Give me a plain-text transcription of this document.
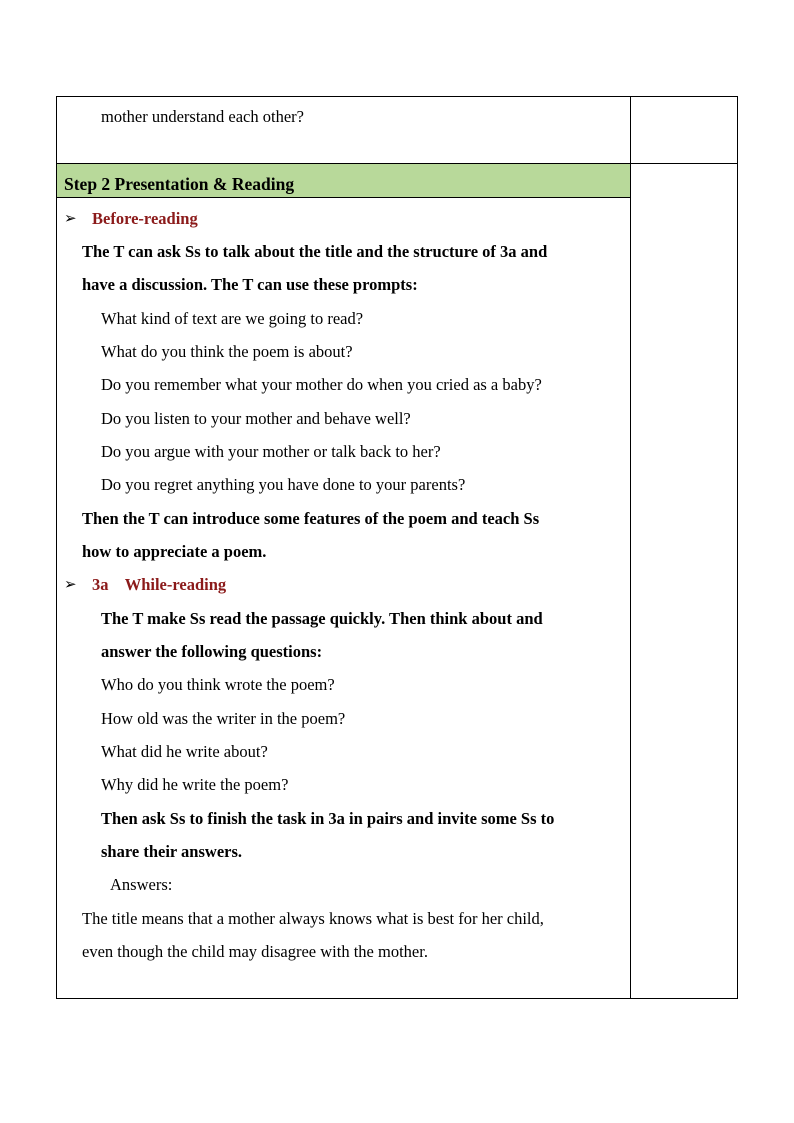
mother understand each other?
Step 2 Presentation & Reading
➢ Before-reading
The T can ask Ss to talk about the title and the structure of 3a and
have a discussion. The T can use these prompts:
What kind of text are we going to read?
What do you think the poem is about?
Do you remember what your mother do when you cried as a baby?
Do you listen to your mother and behave well?
Do you argue with your mother or talk back to her?
Do you regret anything you have done to your parents?
Then the T can introduce some features of the poem and teach Ss
how to appreciate a poem.
➢ 3a    While-reading
The T make Ss read the passage quickly. Then think about and
answer the following questions:
Who do you think wrote the poem?
How old was the writer in the poem?
What did he write about?
Why did he write the poem?
Then ask Ss to finish the task in 3a in pairs and invite some Ss to
share their answers.
Answers:
The title means that a mother always knows what is best for her child,
even though the child may disagree with the mother.
